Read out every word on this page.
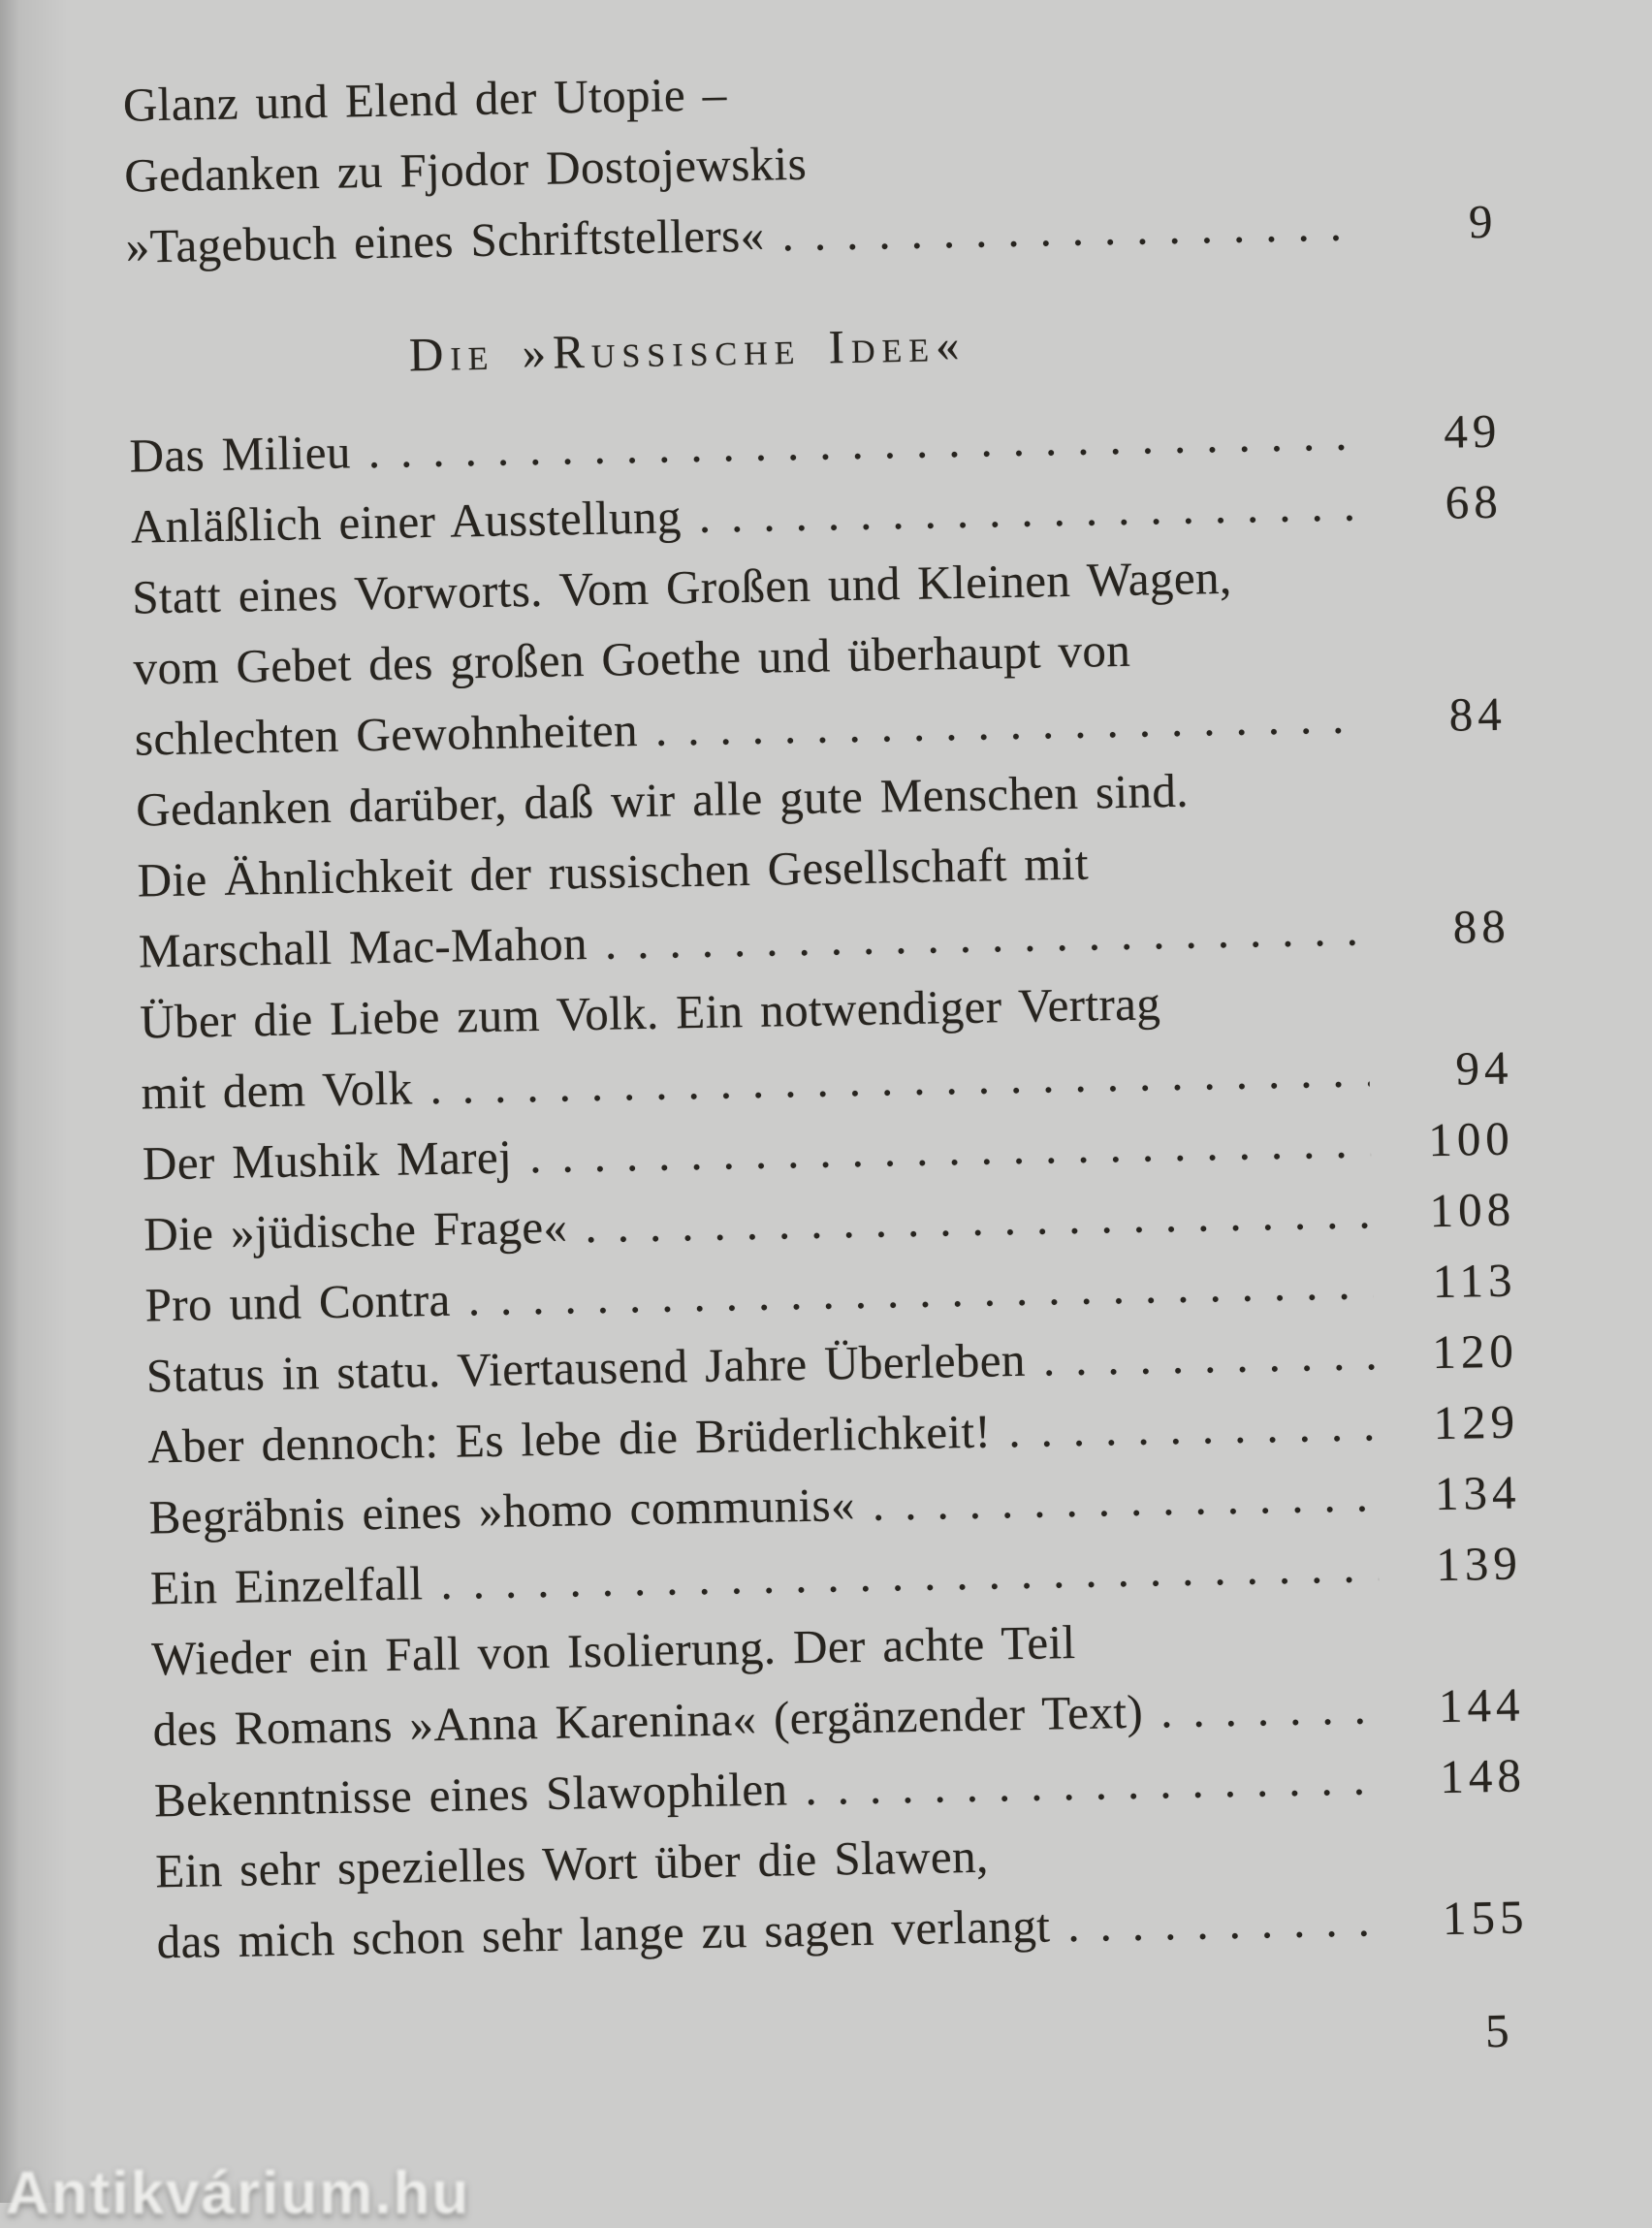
Glanz und Elend der Utopie –
Gedanken zu Fjodor Dostojewskis
»Tagebuch eines Schriftstellers« .....	9
Die »Russische Idee«
Das Milieu .....	49
Anläßlich einer Ausstellung .....	68
Statt eines Vorworts. Vom Großen und Kleinen Wagen,
vom Gebet des großen Goethe und überhaupt von
schlechten Gewohnheiten .....	84
Gedanken darüber, daß wir alle gute Menschen sind.
Die Ähnlichkeit der russischen Gesellschaft mit
Marschall Mac-Mahon .....	88
Über die Liebe zum Volk. Ein notwendiger Vertrag
mit dem Volk .....	94
Der Mushik Marej .....	100
Die »jüdische Frage« .....	108
Pro und Contra .....	113
Status in statu. Viertausend Jahre Überleben .....	120
Aber dennoch: Es lebe die Brüderlichkeit! .....	129
Begräbnis eines »homo communis« .....	134
Ein Einzelfall .....	139
Wieder ein Fall von Isolierung. Der achte Teil
des Romans »Anna Karenina« (ergänzender Text) .....	144
Bekenntnisse eines Slawophilen .....	148
Ein sehr spezielles Wort über die Slawen,
das mich schon sehr lange zu sagen verlangt .....	155
5
Antikvárium.hu
